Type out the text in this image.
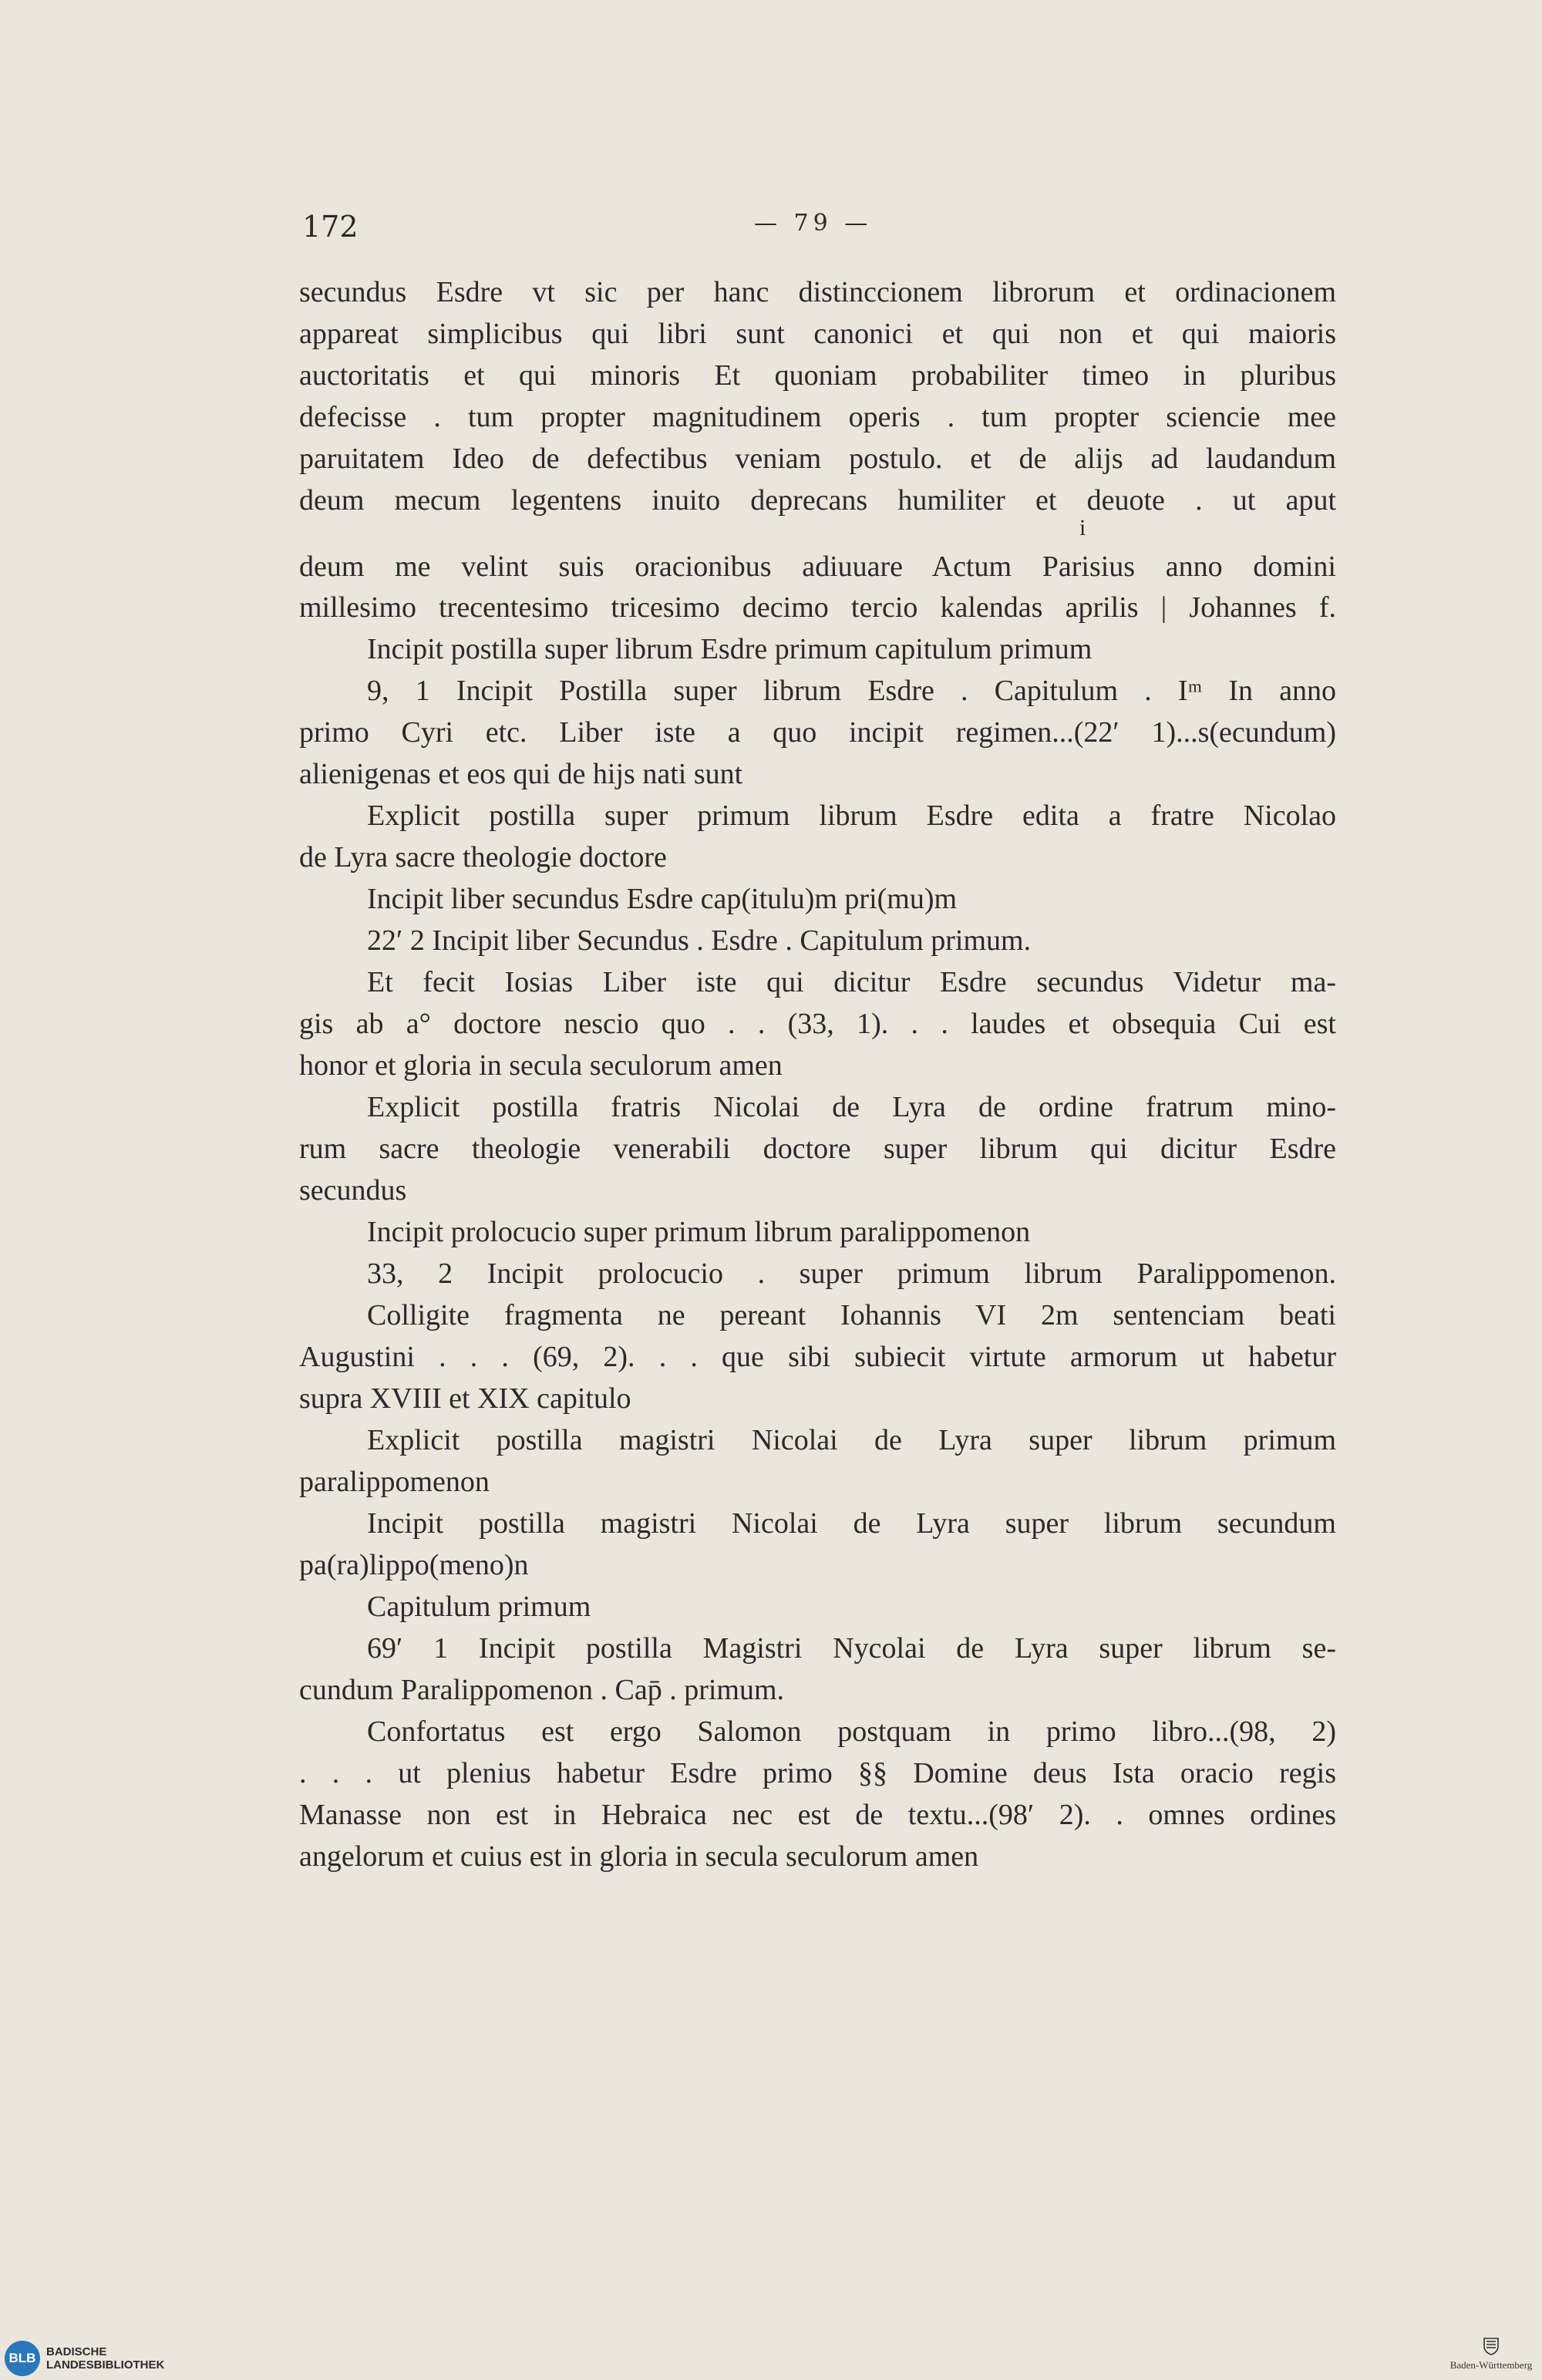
172	— 79 —
secundus Esdre vt sic per hanc distinccionem librorum et ordinacionem
appareat simplicibus qui libri sunt canonici et qui non et qui maioris
auctoritatis et qui minoris Et quoniam probabiliter timeo in pluribus
defecisse . tum propter magnitudinem operis . tum propter sciencie mee
paruitatem Ideo de defectibus veniam postulo. et de alijs ad laudandum
deum mecum legentens inuito deprecans humiliter et deuote . ut aput
deum me velint suis oracionibus adiuuare Actum Parisius anno domini
millesimo trecentesimo tricesimo decimo tercio kalendas aprilis | Johannes f.
Incipit postilla super librum Esdre primum capitulum primum
9, 1 Incipit Postilla super librum Esdre . Capitulum . Iᵐ In anno
primo Cyri etc. Liber iste a quo incipit regimen...(22′ 1)...s(ecundum)
alienigenas et eos qui de hijs nati sunt
Explicit postilla super primum librum Esdre edita a fratre Nicolao
de Lyra sacre theologie doctore
Incipit liber secundus Esdre cap(itulu)m pri(mu)m
22′ 2 Incipit liber Secundus . Esdre . Capitulum primum.
Et fecit Iosias Liber iste qui dicitur Esdre secundus Videtur ma-
gis ab a° doctore nescio quo . . (33, 1). . . laudes et obsequia Cui est
honor et gloria in secula seculorum amen
Explicit postilla fratris Nicolai de Lyra de ordine fratrum mino-
rum sacre theologie venerabili doctore super librum qui dicitur Esdre
secundus
Incipit prolocucio super primum librum paralippomenon
33, 2 Incipit prolocucio . super primum librum Paralippomenon.
Colligite fragmenta ne pereant Iohannis VI 2m sentenciam beati
Augustini . . . (69, 2). . . que sibi subiecit virtute armorum ut habetur
supra XVIII et XIX capitulo
Explicit postilla magistri Nicolai de Lyra super librum primum
paralippomenon
Incipit postilla magistri Nicolai de Lyra super librum secundum
pa(ra)lippo(meno)n
Capitulum primum
69′ 1 Incipit postilla Magistri Nycolai de Lyra super librum se-
cundum Paralippomenon . Cap̄ . primum.
Confortatus est ergo Salomon postquam in primo libro...(98, 2)
. . . ut plenius habetur Esdre primo §§ Domine deus Ista oracio regis
Manasse non est in Hebraica nec est de textu...(98′ 2). . omnes ordines
angelorum et cuius est in gloria in secula seculorum amen
i
BLB BADISCHE
LANDESBIBLIOTHEK	Baden-Württemberg
